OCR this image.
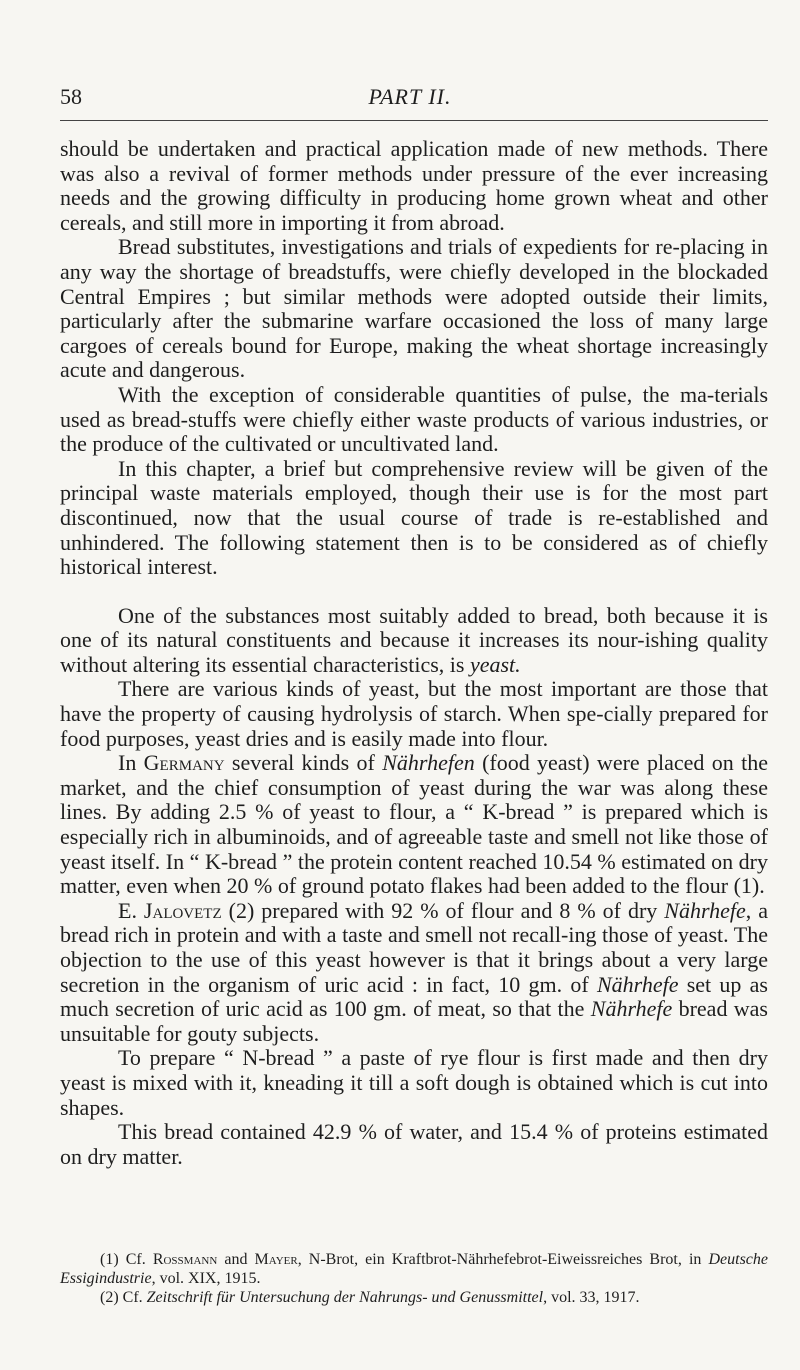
58	PART II.

should be undertaken and practical application made of new methods. There was also a revival of former methods under pressure of the ever increasing needs and the growing difficulty in producing home grown wheat and other cereals, and still more in importing it from abroad.

Bread substitutes, investigations and trials of expedients for re-placing in any way the shortage of breadstuffs, were chiefly developed in the blockaded Central Empires ; but similar methods were adopted outside their limits, particularly after the submarine warfare occasioned the loss of many large cargoes of cereals bound for Europe, making the wheat shortage increasingly acute and dangerous.

With the exception of considerable quantities of pulse, the ma-terials used as bread-stuffs were chiefly either waste products of various industries, or the produce of the cultivated or uncultivated land.

In this chapter, a brief but comprehensive review will be given of the principal waste materials employed, though their use is for the most part discontinued, now that the usual course of trade is re-established and unhindered. The following statement then is to be considered as of chiefly historical interest.

One of the substances most suitably added to bread, both because it is one of its natural constituents and because it increases its nour-ishing quality without altering its essential characteristics, is yeast.

There are various kinds of yeast, but the most important are those that have the property of causing hydrolysis of starch. When spe-cially prepared for food purposes, yeast dries and is easily made into flour.

In Germany several kinds of Nährhefen (food yeast) were placed on the market, and the chief consumption of yeast during the war was along these lines. By adding 2.5 % of yeast to flour, a “ K-bread ” is prepared which is especially rich in albuminoids, and of agreeable taste and smell not like those of yeast itself. In “ K-bread ” the protein content reached 10.54 % estimated on dry matter, even when 20 % of ground potato flakes had been added to the flour (1).

E. Jalovetz (2) prepared with 92 % of flour and 8 % of dry Nährhefe, a bread rich in protein and with a taste and smell not recall-ing those of yeast. The objection to the use of this yeast however is that it brings about a very large secretion in the organism of uric acid : in fact, 10 gm. of Nährhefe set up as much secretion of uric acid as 100 gm. of meat, so that the Nährhefe bread was unsuitable for gouty subjects.

To prepare “ N-bread ” a paste of rye flour is first made and then dry yeast is mixed with it, kneading it till a soft dough is obtained which is cut into shapes.

This bread contained 42.9 % of water, and 15.4 % of proteins estimated on dry matter.

(1) Cf. Rossmann and Mayer, N-Brot, ein Kraftbrot-Nährhefebrot-Eiweissreiches Brot, in Deutsche Essigindustrie, vol. XIX, 1915.

(2) Cf. Zeitschrift für Untersuchung der Nahrungs- und Genussmittel, vol. 33, 1917.
